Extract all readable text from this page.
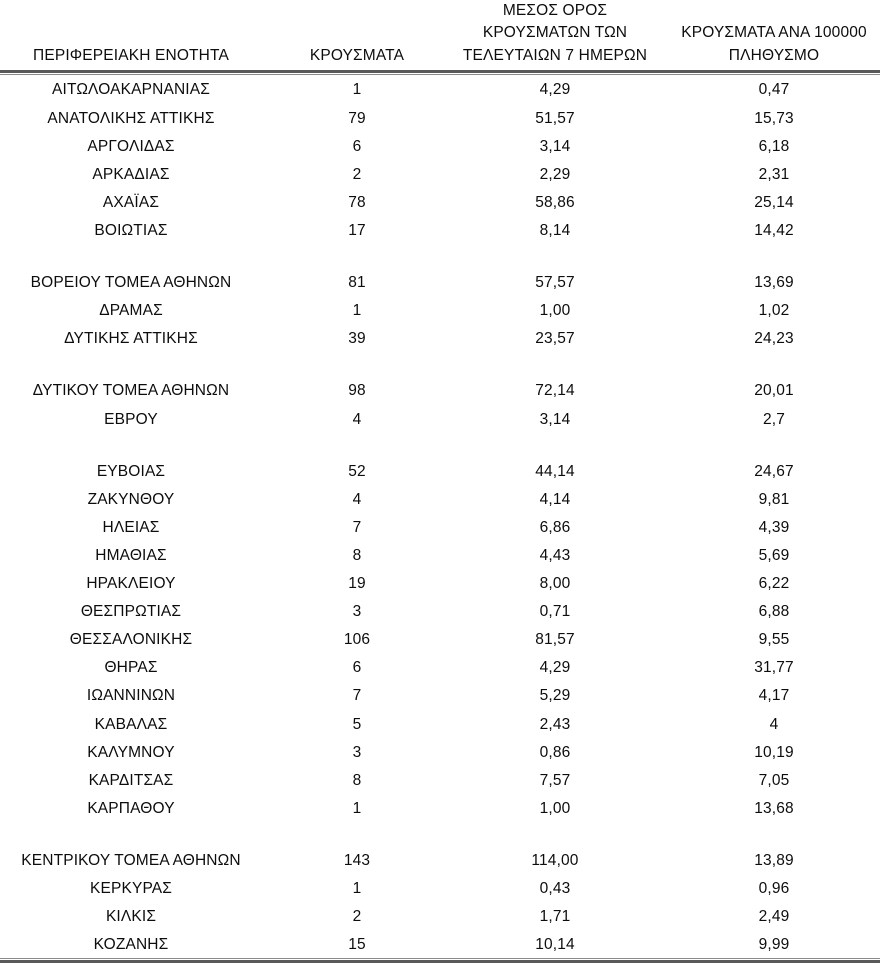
ΠΕΡΙΦΕΡΕΙΑΚΗ ΕΝΟΤΗΤΑ	ΚΡΟΥΣΜΑΤΑ	ΜΕΣΟΣ ΟΡΟΣ
ΚΡΟΥΣΜΑΤΩΝ ΤΩΝ
ΤΕΛΕΥΤΑΙΩΝ 7 ΗΜΕΡΩΝ	ΚΡΟΥΣΜΑΤΑ ΑΝΑ 100000
ΠΛΗΘΥΣΜΟ

ΑΙΤΩΛΟΑΚΑΡΝΑΝΙΑΣ	1	4,29	0,47
ΑΝΑΤΟΛΙΚΗΣ ΑΤΤΙΚΗΣ	79	51,57	15,73
ΑΡΓΟΛΙΔΑΣ	6	3,14	6,18
ΑΡΚΑΔΙΑΣ	2	2,29	2,31
ΑΧΑΪΑΣ	78	58,86	25,14
ΒΟΙΩΤΙΑΣ	17	8,14	14,42

ΒΟΡΕΙΟΥ ΤΟΜΕΑ ΑΘΗΝΩΝ	81	57,57	13,69
ΔΡΑΜΑΣ	1	1,00	1,02
ΔΥΤΙΚΗΣ ΑΤΤΙΚΗΣ	39	23,57	24,23

ΔΥΤΙΚΟΥ ΤΟΜΕΑ ΑΘΗΝΩΝ	98	72,14	20,01
ΕΒΡΟΥ	4	3,14	2,7

ΕΥΒΟΙΑΣ	52	44,14	24,67
ΖΑΚΥΝΘΟΥ	4	4,14	9,81
ΗΛΕΙΑΣ	7	6,86	4,39
ΗΜΑΘΙΑΣ	8	4,43	5,69
ΗΡΑΚΛΕΙΟΥ	19	8,00	6,22
ΘΕΣΠΡΩΤΙΑΣ	3	0,71	6,88
ΘΕΣΣΑΛΟΝΙΚΗΣ	106	81,57	9,55
ΘΗΡΑΣ	6	4,29	31,77
ΙΩΑΝΝΙΝΩΝ	7	5,29	4,17
ΚΑΒΑΛΑΣ	5	2,43	4
ΚΑΛΥΜΝΟΥ	3	0,86	10,19
ΚΑΡΔΙΤΣΑΣ	8	7,57	7,05
ΚΑΡΠΑΘΟΥ	1	1,00	13,68

ΚΕΝΤΡΙΚΟΥ ΤΟΜΕΑ ΑΘΗΝΩΝ	143	114,00	13,89
ΚΕΡΚΥΡΑΣ	1	0,43	0,96
ΚΙΛΚΙΣ	2	1,71	2,49
ΚΟΖΑΝΗΣ	15	10,14	9,99
